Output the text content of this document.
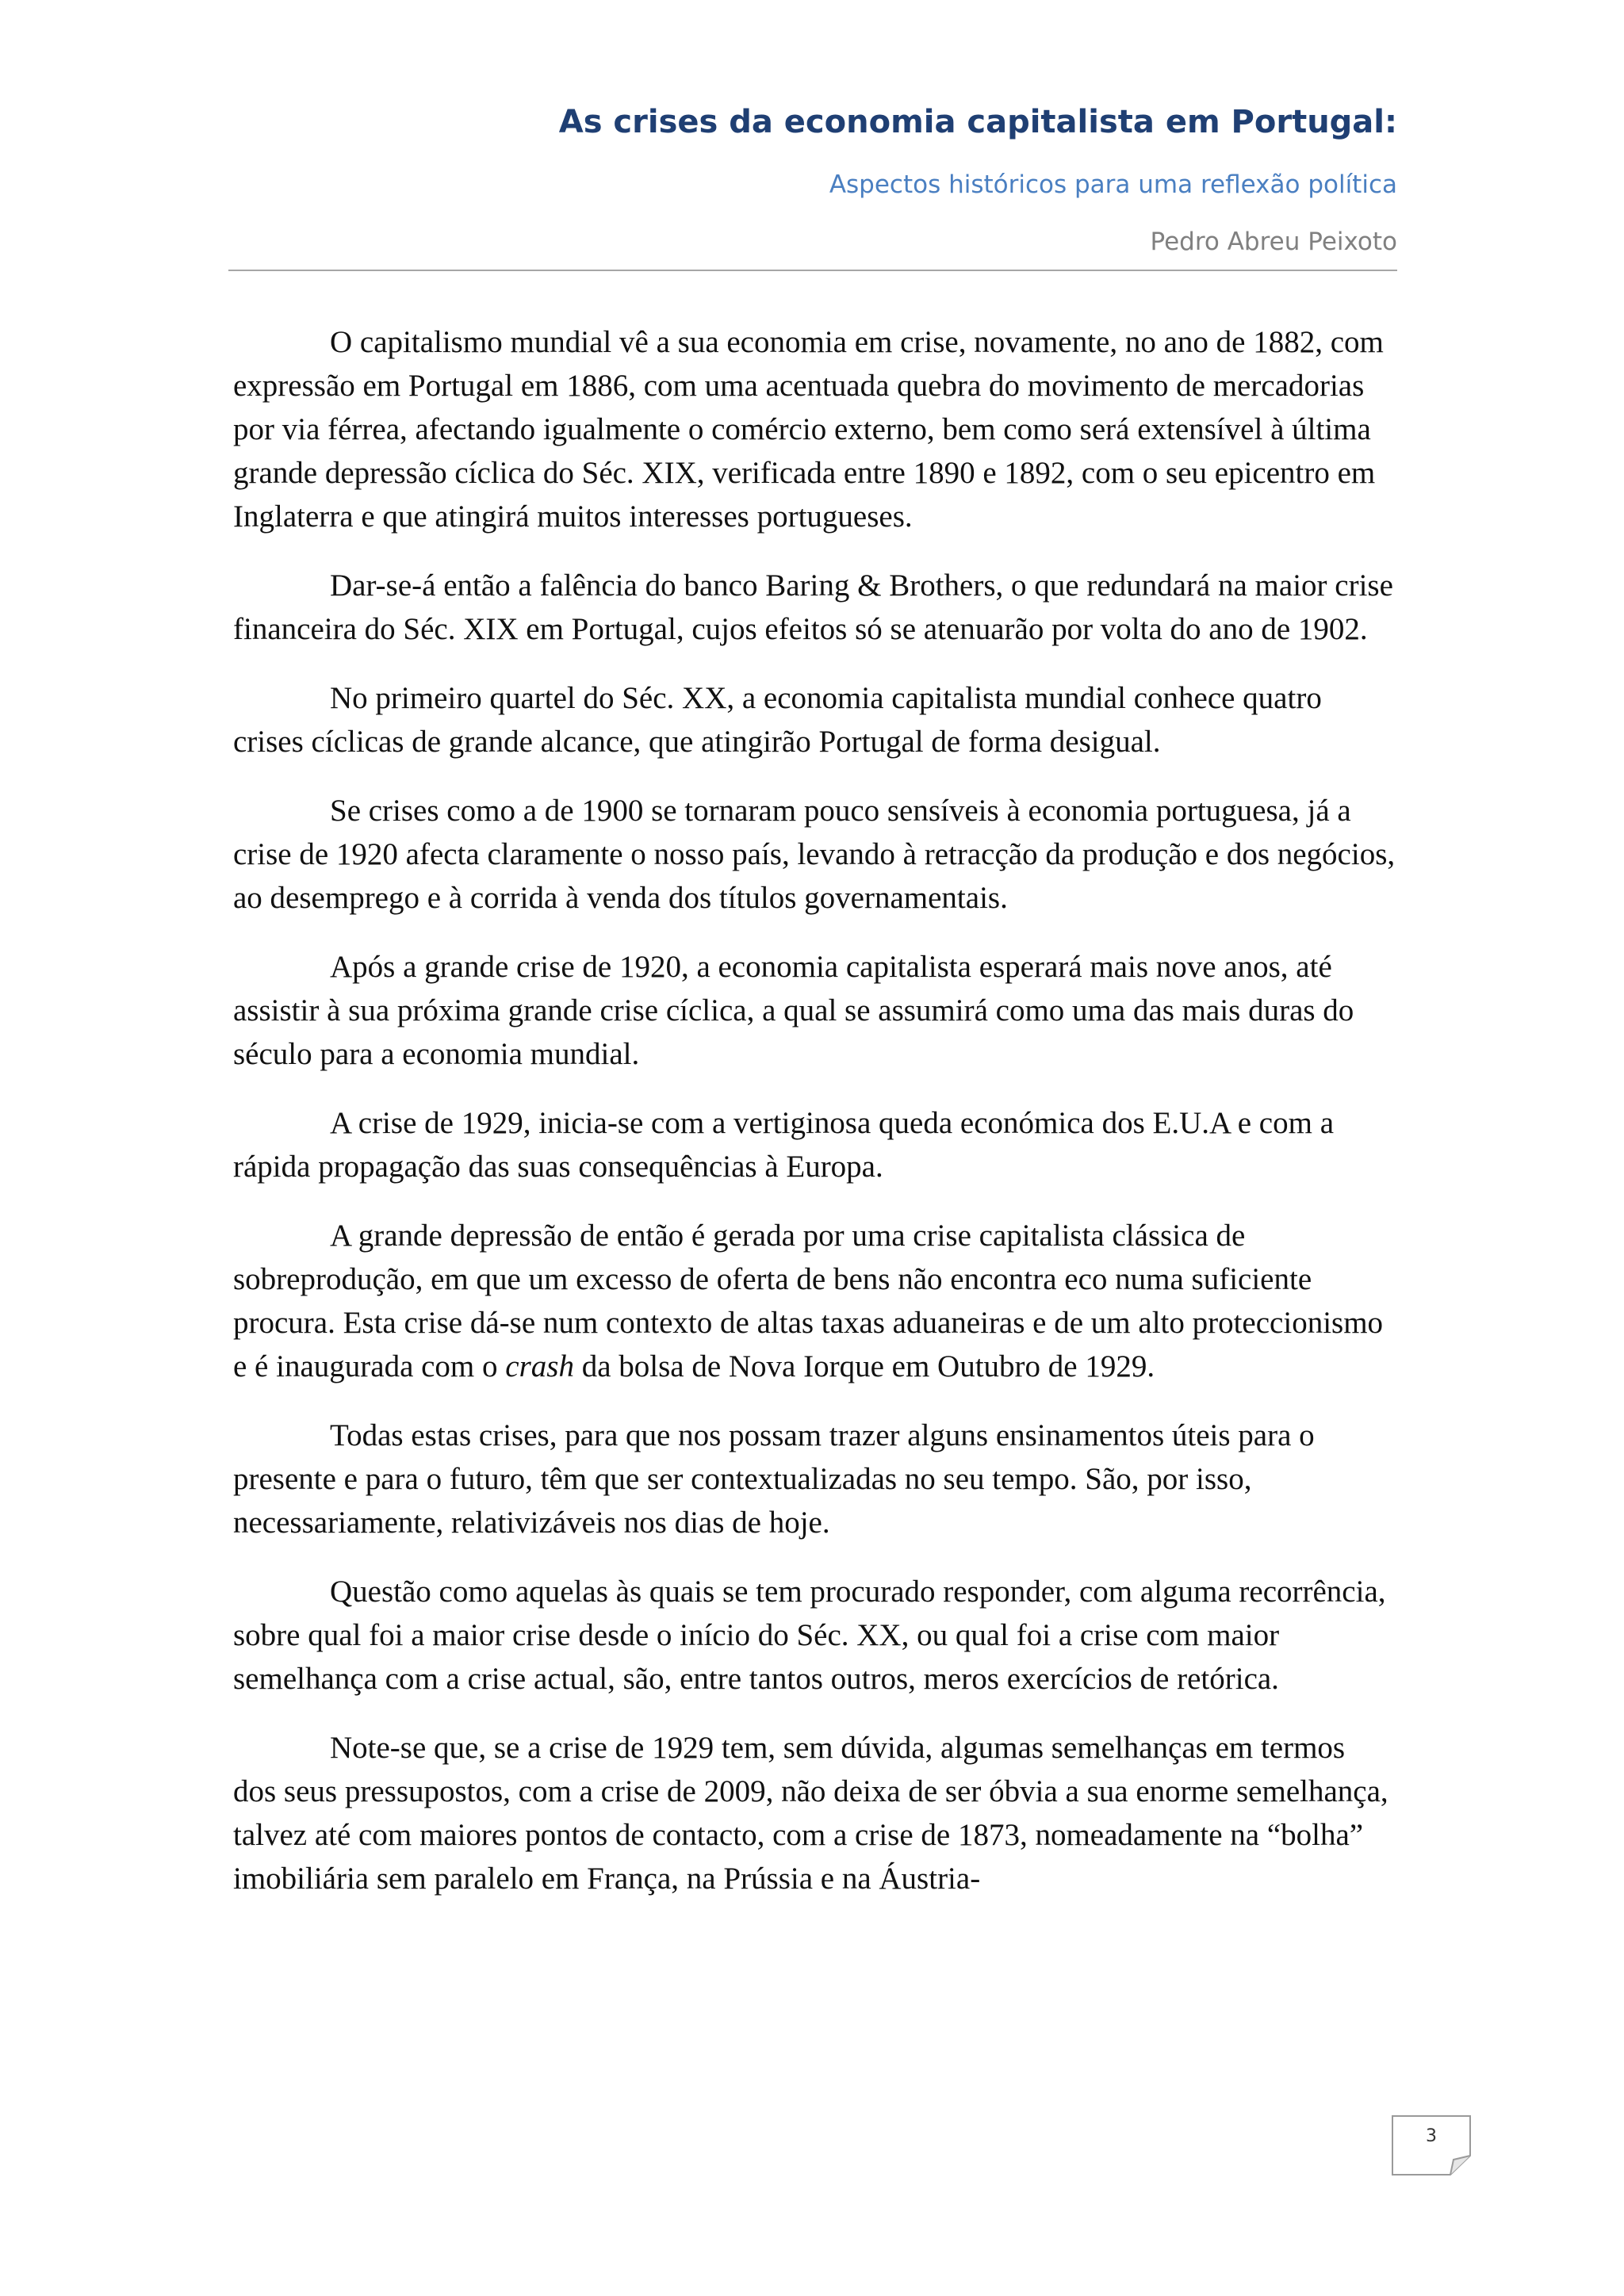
As crises da economia capitalista em Portugal:
Aspectos históricos para uma reflexão política
Pedro Abreu Peixoto

O capitalismo mundial vê a sua economia em crise, novamente, no ano de 1882, com expressão em Portugal em 1886, com uma acentuada quebra do movimento de mercadorias por via férrea, afectando igualmente o comércio externo, bem como será extensível à última grande depressão cíclica do Séc. XIX, verificada entre 1890 e 1892, com o seu epicentro em Inglaterra e que atingirá muitos interesses portugueses.

Dar-se-á então a falência do banco Baring & Brothers, o que redundará na maior crise financeira do Séc. XIX em Portugal, cujos efeitos só se atenuarão por volta do ano de 1902.

No primeiro quartel do Séc. XX, a economia capitalista mundial conhece quatro crises cíclicas de grande alcance, que atingirão Portugal de forma desigual.

Se crises como a de 1900 se tornaram pouco sensíveis à economia portuguesa, já a crise de 1920 afecta claramente o nosso país, levando à retracção da produção e dos negócios, ao desemprego e à corrida à venda dos títulos governamentais.

Após a grande crise de 1920, a economia capitalista esperará mais nove anos, até assistir à sua próxima grande crise cíclica, a qual se assumirá como uma das mais duras do século para a economia mundial.

A crise de 1929, inicia-se com a vertiginosa queda económica dos E.U.A e com a rápida propagação das suas consequências à Europa.

A grande depressão de então é gerada por uma crise capitalista clássica de sobreprodução, em que um excesso de oferta de bens não encontra eco numa suficiente procura. Esta crise dá-se num contexto de altas taxas aduaneiras e de um alto proteccionismo e é inaugurada com o crash da bolsa de Nova Iorque em Outubro de 1929.

Todas estas crises, para que nos possam trazer alguns ensinamentos úteis para o presente e para o futuro, têm que ser contextualizadas no seu tempo. São, por isso, necessariamente, relativizáveis nos dias de hoje.

Questão como aquelas às quais se tem procurado responder, com alguma recorrência, sobre qual foi a maior crise desde o início do Séc. XX, ou qual foi a crise com maior semelhança com a crise actual, são, entre tantos outros, meros exercícios de retórica.

Note-se que, se a crise de 1929 tem, sem dúvida, algumas semelhanças em termos dos seus pressupostos, com a crise de 2009, não deixa de ser óbvia a sua enorme semelhança, talvez até com maiores pontos de contacto, com a crise de 1873, nomeadamente na “bolha” imobiliária sem paralelo em França, na Prússia e na Áustria-

3
